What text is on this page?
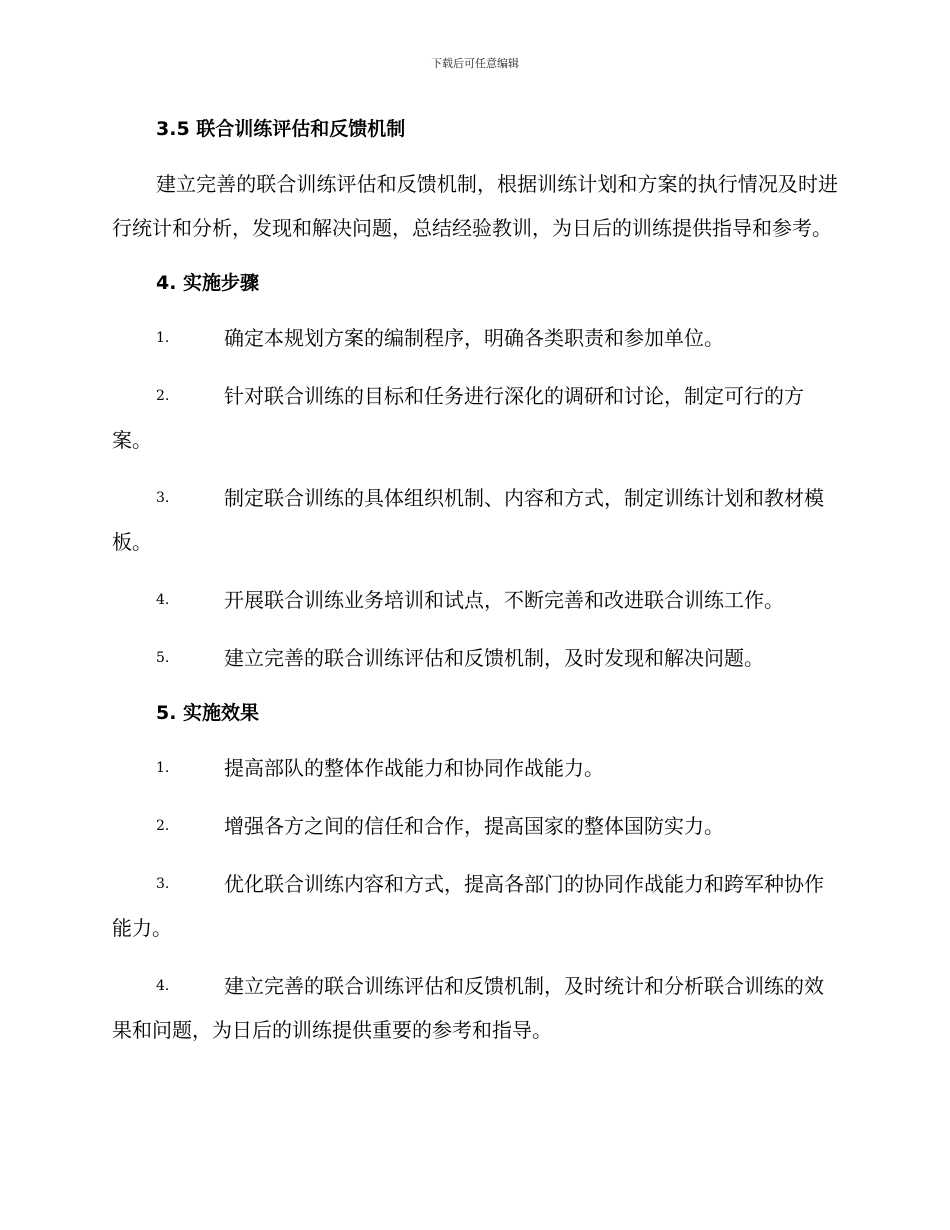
下载后可任意编辑
3.5 联合训练评估和反馈机制

建立完善的联合训练评估和反馈机制，根据训练计划和方案的执行情况及时进行统计和分析，发现和解决问题，总结经验教训，为日后的训练提供指导和参考。

4. 实施步骤

1.	确定本规划方案的编制程序，明确各类职责和参加单位。

2.	针对联合训练的目标和任务进行深化的调研和讨论，制定可行的方案。

3.	制定联合训练的具体组织机制、内容和方式，制定训练计划和教材模板。

4.	开展联合训练业务培训和试点，不断完善和改进联合训练工作。

5.	建立完善的联合训练评估和反馈机制，及时发现和解决问题。

5. 实施效果

1.	提高部队的整体作战能力和协同作战能力。

2.	增强各方之间的信任和合作，提高国家的整体国防实力。

3.	优化联合训练内容和方式，提高各部门的协同作战能力和跨军种协作能力。

4.	建立完善的联合训练评估和反馈机制，及时统计和分析联合训练的效果和问题，为日后的训练提供重要的参考和指导。
